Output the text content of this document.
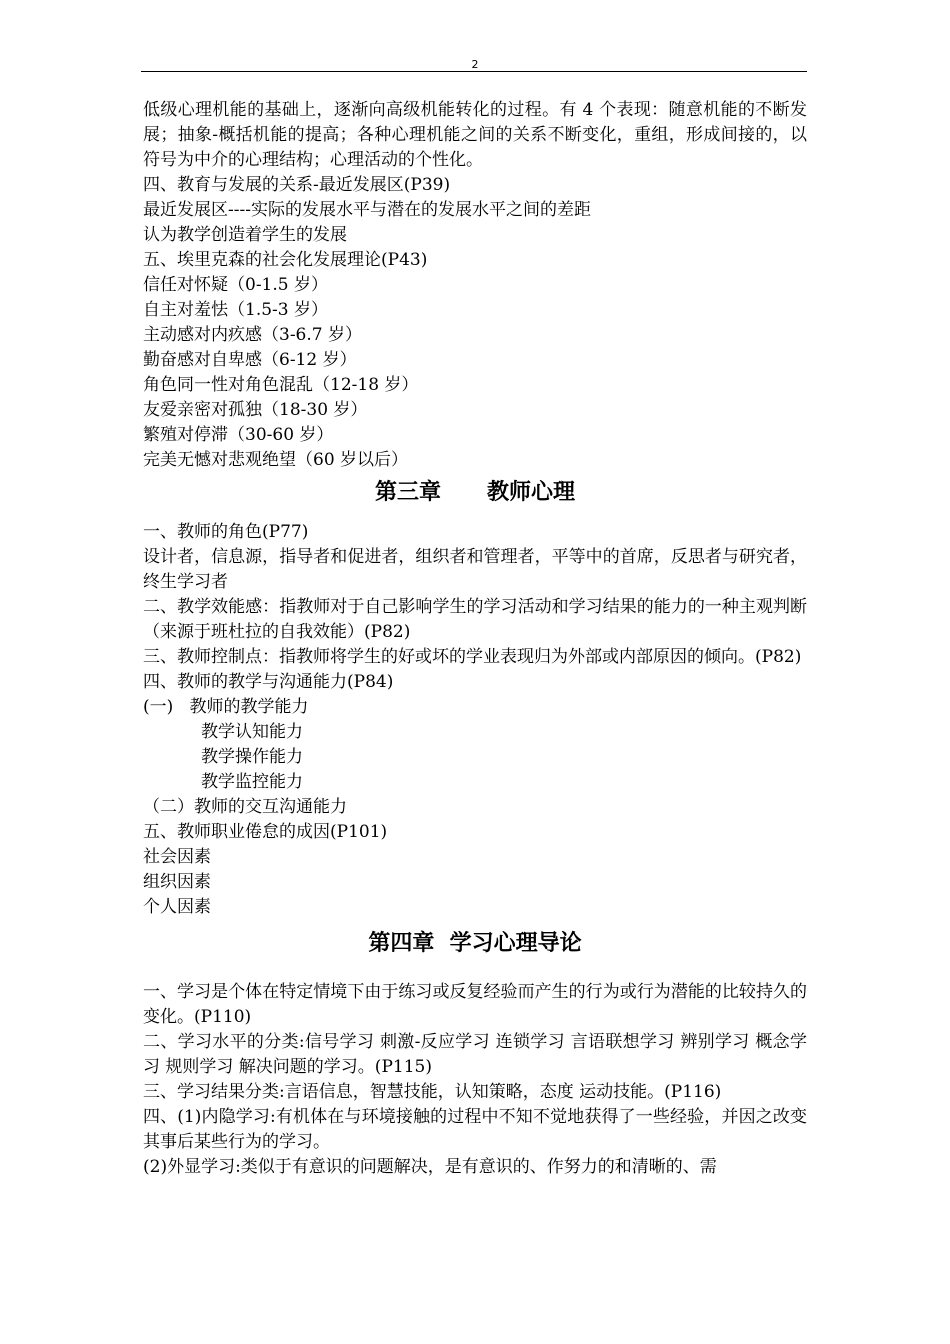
2

低级心理机能的基础上，逐渐向高级机能转化的过程。有 4 个表现：随意机能的不断发展；抽象-概括机能的提高；各种心理机能之间的关系不断变化，重组，形成间接的，以符号为中介的心理结构；心理活动的个性化。

四、教育与发展的关系-最近发展区(P39)

最近发展区----实际的发展水平与潜在的发展水平之间的差距

认为教学创造着学生的发展

五、埃里克森的社会化发展理论(P43)

信任对怀疑（0-1.5 岁）

自主对羞怯（1.5-3 岁）

主动感对内疚感（3-6.7 岁）

勤奋感对自卑感（6-12 岁）

角色同一性对角色混乱（12-18 岁）

友爱亲密对孤独（18-30 岁）

繁殖对停滞（30-60 岁）

完美无憾对悲观绝望（60 岁以后）

第三章      教师心理

一、教师的角色(P77)

设计者，信息源，指导者和促进者，组织者和管理者，平等中的首席，反思者与研究者，终生学习者

二、教学效能感：指教师对于自己影响学生的学习活动和学习结果的能力的一种主观判断（来源于班杜拉的自我效能）(P82)

三、教师控制点：指教师将学生的好或坏的学业表现归为外部或内部原因的倾向。(P82)

四、教师的教学与沟通能力(P84)

(一)   教师的教学能力

教学认知能力

教学操作能力

教学监控能力

（二）教师的交互沟通能力

五、教师职业倦怠的成因(P101)

社会因素

组织因素

个人因素

第四章  学习心理导论

一、学习是个体在特定情境下由于练习或反复经验而产生的行为或行为潜能的比较持久的变化。(P110)

二、学习水平的分类:信号学习 刺激-反应学习 连锁学习 言语联想学习 辨别学习 概念学习 规则学习 解决问题的学习。(P115)

三、学习结果分类:言语信息，智慧技能，认知策略，态度 运动技能。(P116)

四、(1)内隐学习:有机体在与环境接触的过程中不知不觉地获得了一些经验，并因之改变其事后某些行为的学习。

(2)外显学习:类似于有意识的问题解决，是有意识的、作努力的和清晰的、需
